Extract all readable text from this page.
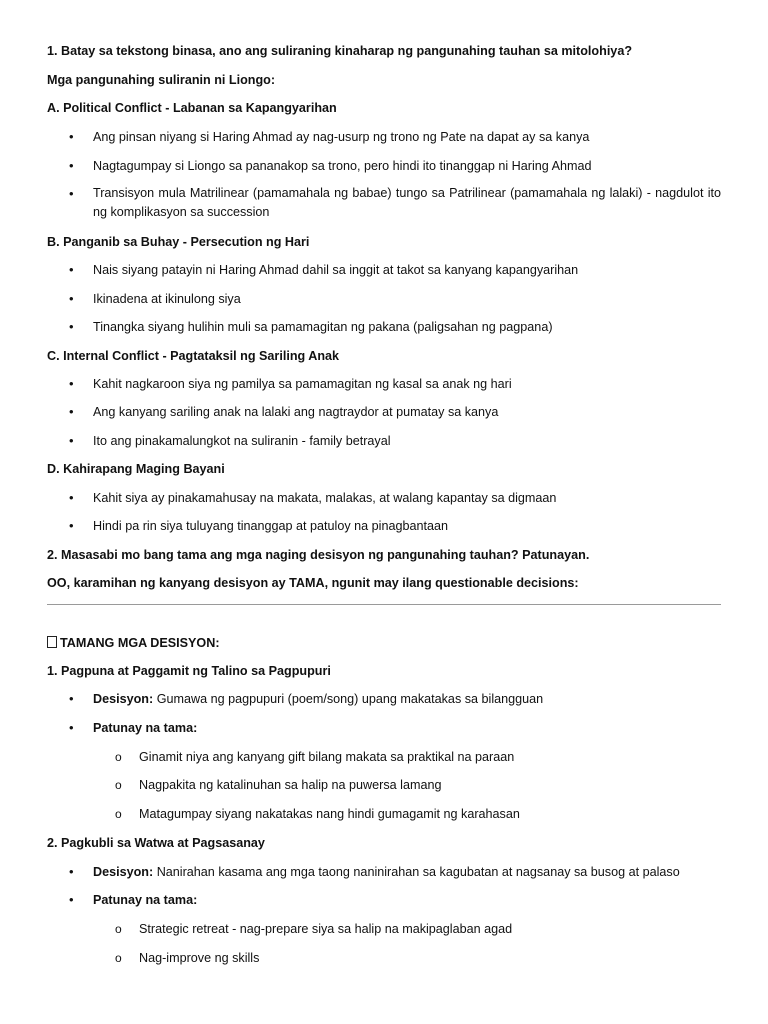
1. Batay sa tekstong binasa, ano ang suliraning kinaharap ng pangunahing tauhan sa mitolohiya?
Mga pangunahing suliranin ni Liongo:
A. Political Conflict - Labanan sa Kapangyarihan
• Ang pinsan niyang si Haring Ahmad ay nag-usurp ng trono ng Pate na dapat ay sa kanya
• Nagtagumpay si Liongo sa pananakop sa trono, pero hindi ito tinanggap ni Haring Ahmad
• Transisyon mula Matrilinear (pamamahala ng babae) tungo sa Patrilinear (pamamahala ng lalaki) - nagdulot ito ng komplikasyon sa succession
B. Panganib sa Buhay - Persecution ng Hari
• Nais siyang patayin ni Haring Ahmad dahil sa inggit at takot sa kanyang kapangyarihan
• Ikinadena at ikinulong siya
• Tinangka siyang hulihin muli sa pamamagitan ng pakana (paligsahan ng pagpana)
C. Internal Conflict - Pagtataksil ng Sariling Anak
• Kahit nagkaroon siya ng pamilya sa pamamagitan ng kasal sa anak ng hari
• Ang kanyang sariling anak na lalaki ang nagtraydor at pumatay sa kanya
• Ito ang pinakamalungkot na suliranin - family betrayal
D. Kahirapang Maging Bayani
• Kahit siya ay pinakamahusay na makata, malakas, at walang kapantay sa digmaan
• Hindi pa rin siya tuluyang tinanggap at patuloy na pinagbantaan
2. Masasabi mo bang tama ang mga naging desisyon ng pangunahing tauhan? Patunayan.
OO, karamihan ng kanyang desisyon ay TAMA, ngunit may ilang questionable decisions:
TAMANG MGA DESISYON:
1. Pagpuna at Paggamit ng Talino sa Pagpupuri
• Desisyon: Gumawa ng pagpupuri (poem/song) upang makatakas sa bilangguan
• Patunay na tama:
o Ginamit niya ang kanyang gift bilang makata sa praktikal na paraan
o Nagpakita ng katalinuhan sa halip na puwersa lamang
o Matagumpay siyang nakatakas nang hindi gumagamit ng karahasan
2. Pagkubli sa Watwa at Pagsasanay
• Desisyon: Nanirahan kasama ang mga taong naninirahan sa kagubatan at nagsanay sa busog at palaso
• Patunay na tama:
o Strategic retreat - nag-prepare siya sa halip na makipaglaban agad
o Nag-improve ng skills
